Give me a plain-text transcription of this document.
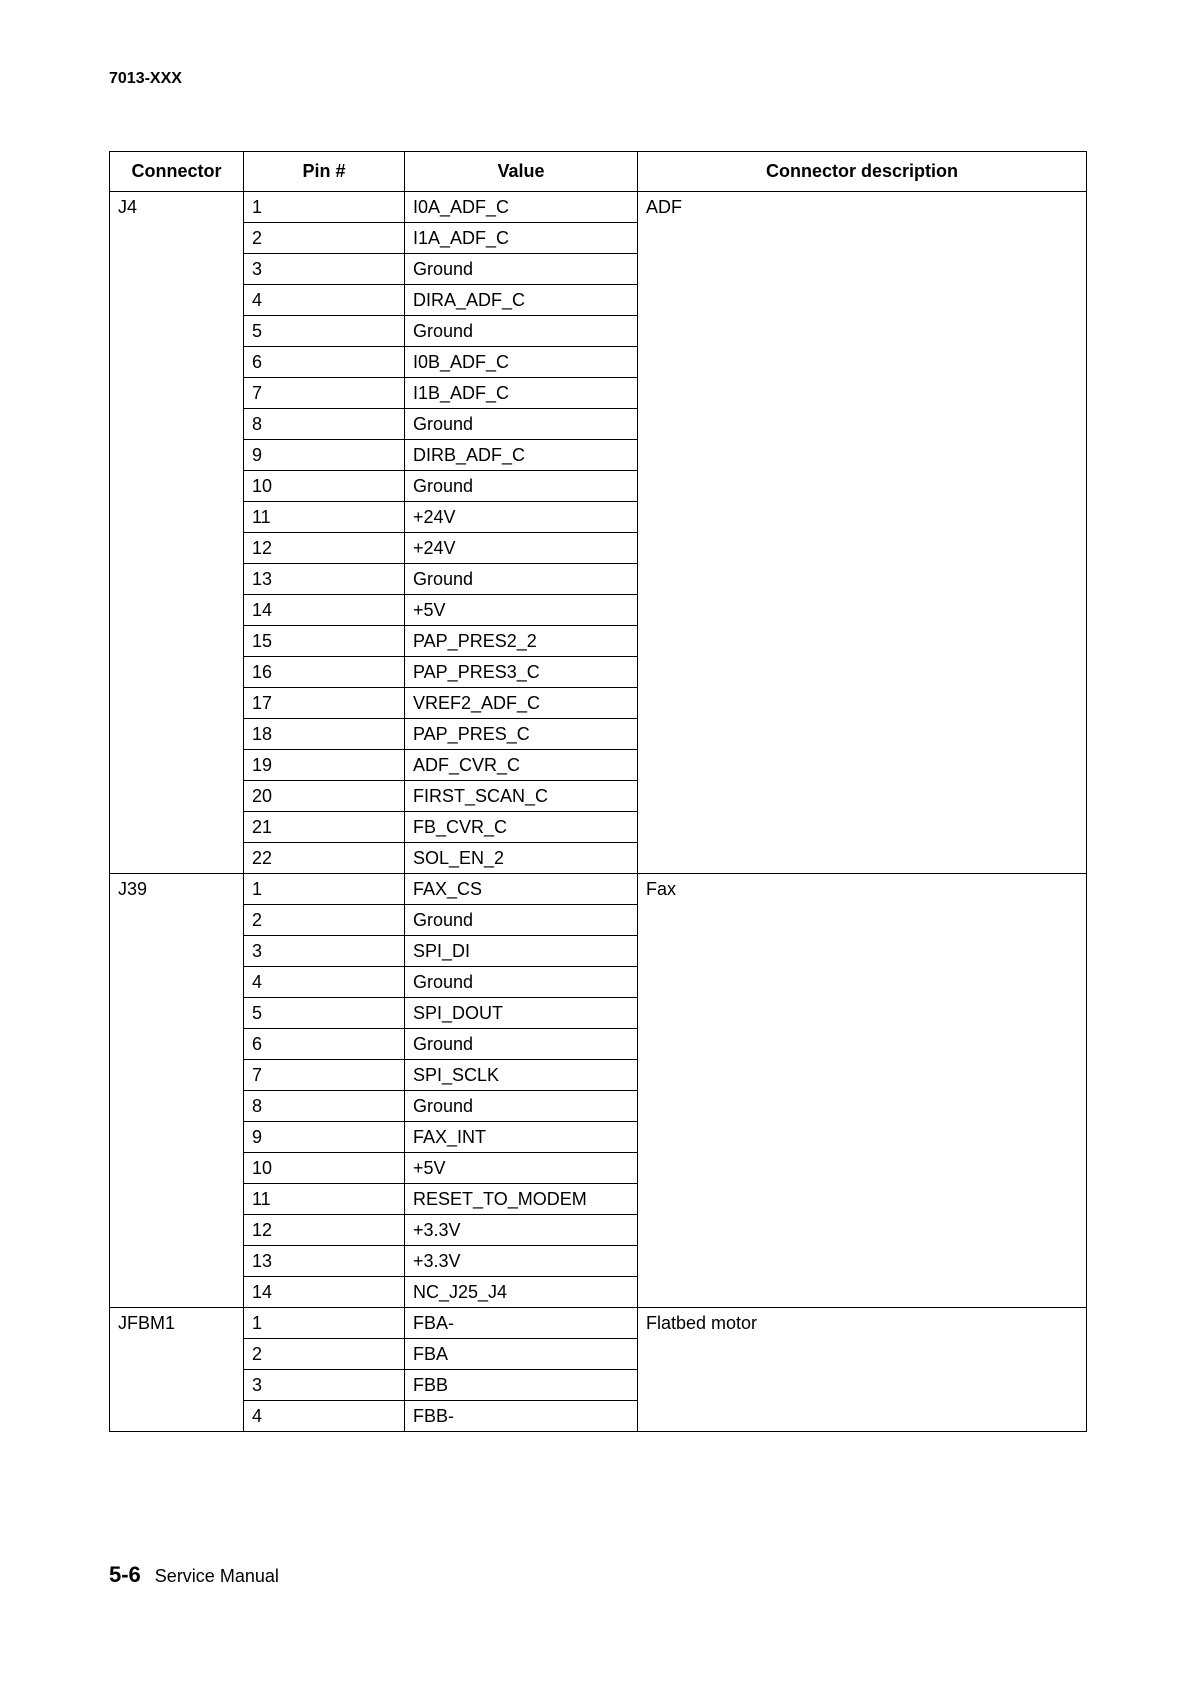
7013-XXX
Connector	Pin #	Value	Connector description
J4	1	I0A_ADF_C	ADF
	2	I1A_ADF_C	
	3	Ground	
	4	DIRA_ADF_C	
	5	Ground	
	6	I0B_ADF_C	
	7	I1B_ADF_C	
	8	Ground	
	9	DIRB_ADF_C	
	10	Ground	
	11	+24V	
	12	+24V	
	13	Ground	
	14	+5V	
	15	PAP_PRES2_2	
	16	PAP_PRES3_C	
	17	VREF2_ADF_C	
	18	PAP_PRES_C	
	19	ADF_CVR_C	
	20	FIRST_SCAN_C	
	21	FB_CVR_C	
	22	SOL_EN_2	
J39	1	FAX_CS	Fax
	2	Ground	
	3	SPI_DI	
	4	Ground	
	5	SPI_DOUT	
	6	Ground	
	7	SPI_SCLK	
	8	Ground	
	9	FAX_INT	
	10	+5V	
	11	RESET_TO_MODEM	
	12	+3.3V	
	13	+3.3V	
	14	NC_J25_J4	
JFBM1	1	FBA-	Flatbed motor
	2	FBA	
	3	FBB	
	4	FBB-	
5-6 Service Manual
